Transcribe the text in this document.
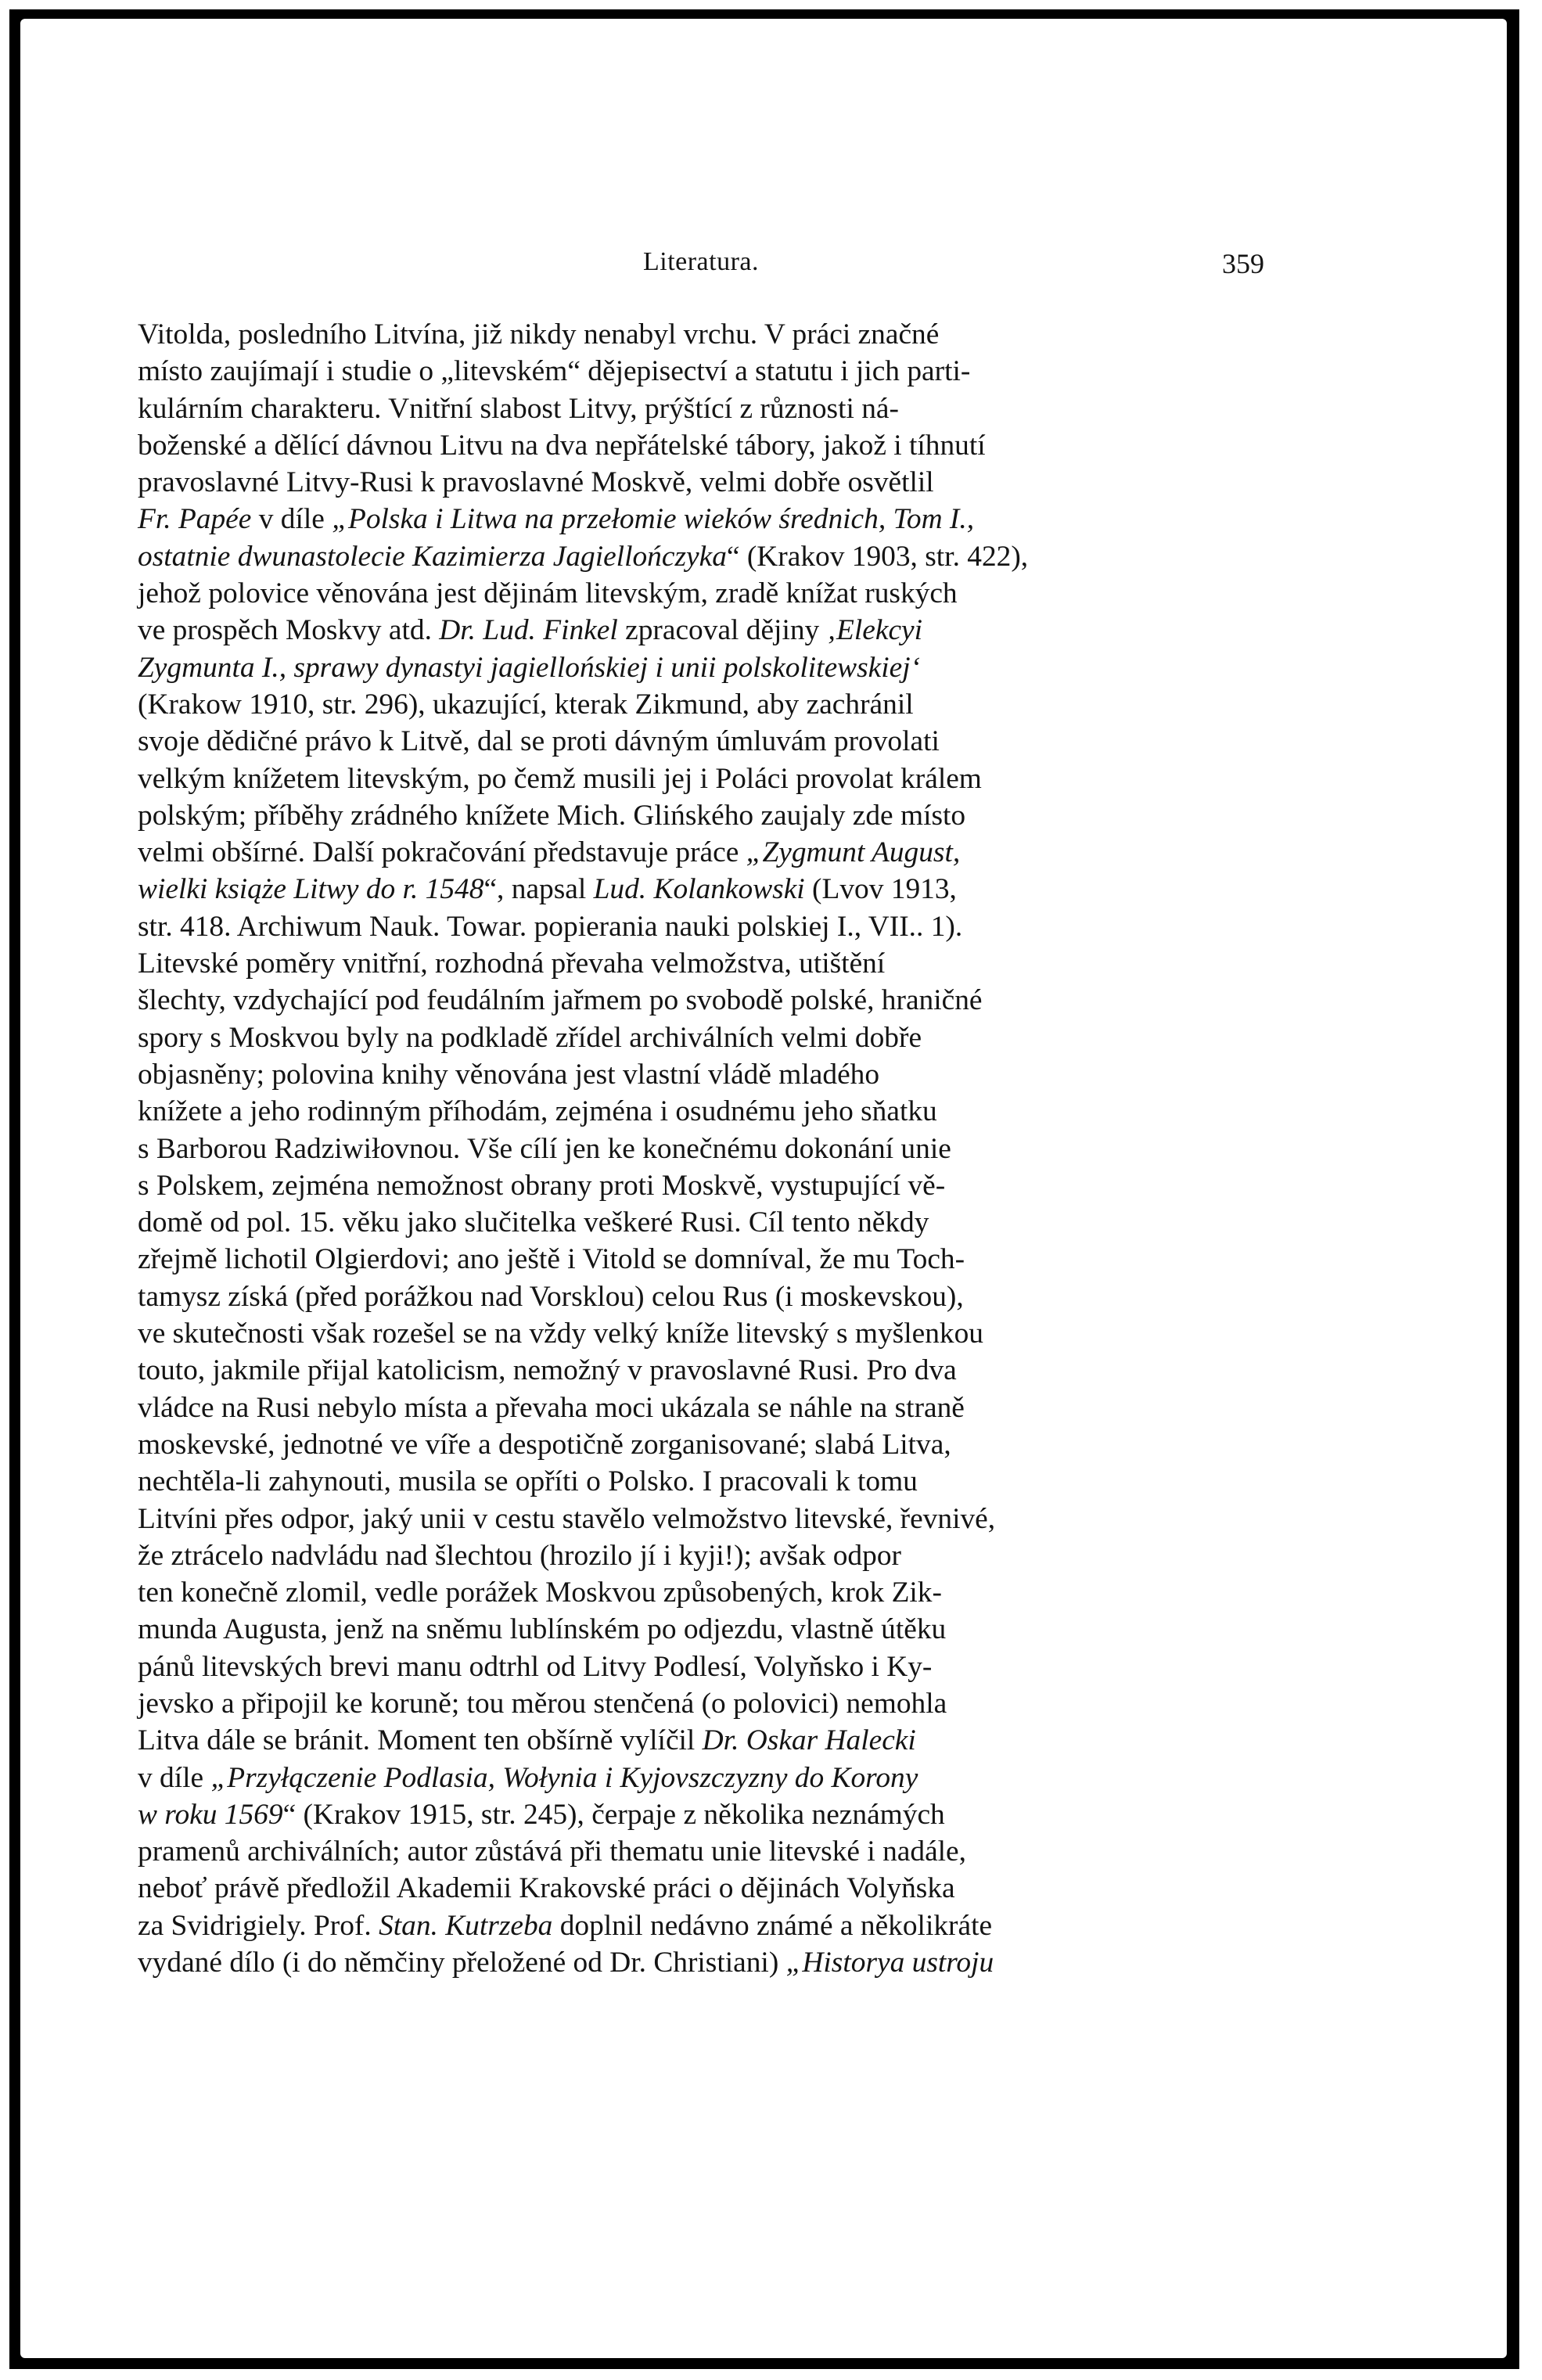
Literatura.	359
Vitolda, posledního Litvína, již nikdy nenabyl vrchu. V práci značné
místo zaujímají i studie o „litevském“ dějepisectví a statutu i jich parti-
kulárním charakteru. Vnitřní slabost Litvy, prýštící z různosti ná-
boženské a dělící dávnou Litvu na dva nepřátelské tábory, jakož i tíhnutí
pravoslavné Litvy-Rusi k pravoslavné Moskvě, velmi dobře osvětlil
Fr. Papée v díle „Polska i Litwa na przełomie wieków średnich, Tom I.,
ostatnie dwunastolecie Kazimierza Jagiellończyka“ (Krakov 1903, str. 422),
jehož polovice věnována jest dějinám litevským, zradě knížat ruských
ve prospěch Moskvy atd. Dr. Lud. Finkel zpracoval dějiny ‚Elekcyi
Zygmunta I., sprawy dynastyi jagiellońskiej i unii polskolitewskiej‘
(Krakow 1910, str. 296), ukazující, kterak Zikmund, aby zachránil
svoje dědičné právo k Litvě, dal se proti dávným úmluvám provolati
velkým knížetem litevským, po čemž musili jej i Poláci provolat králem
polským; příběhy zrádného knížete Mich. Glińského zaujaly zde místo
velmi obšírné. Další pokračování představuje práce „Zygmunt August,
wielki książe Litwy do r. 1548“, napsal Lud. Kolankowski (Lvov 1913,
str. 418. Archiwum Nauk. Towar. popierania nauki polskiej I., VII.. 1).
Litevské poměry vnitřní, rozhodná převaha velmožstva, utištění
šlechty, vzdychající pod feudálním jařmem po svobodě polské, hraničné
spory s Moskvou byly na podkladě zřídel archiválních velmi dobře
objasněny; polovina knihy věnována jest vlastní vládě mladého
knížete a jeho rodinným příhodám, zejména i osudnému jeho sňatku
s Barborou Radziwiłovnou. Vše cílí jen ke konečnému dokonání unie
s Polskem, zejména nemožnost obrany proti Moskvě, vystupující vě-
domě od pol. 15. věku jako slučitelka veškeré Rusi. Cíl tento někdy
zřejmě lichotil Olgierdovi; ano ještě i Vitold se domníval, že mu Toch-
tamysz získá (před porážkou nad Vorsklou) celou Rus (i moskevskou),
ve skutečnosti však rozešel se na vždy velký kníže litevský s myšlenkou
touto, jakmile přijal katolicism, nemožný v pravoslavné Rusi. Pro dva
vládce na Rusi nebylo místa a převaha moci ukázala se náhle na straně
moskevské, jednotné ve víře a despotičně zorganisované; slabá Litva,
nechtěla-li zahynouti, musila se opříti o Polsko. I pracovali k tomu
Litvíni přes odpor, jaký unii v cestu stavělo velmožstvo litevské, řevnivé,
že ztrácelo nadvládu nad šlechtou (hrozilo jí i kyji!); avšak odpor
ten konečně zlomil, vedle porážek Moskvou způsobených, krok Zik-
munda Augusta, jenž na sněmu lublínském po odjezdu, vlastně útěku
pánů litevských brevi manu odtrhl od Litvy Podlesí, Volyňsko i Ky-
jevsko a připojil ke koruně; tou měrou stenčená (o polovici) nemohla
Litva dále se bránit. Moment ten obšírně vylíčil Dr. Oskar Halecki
v díle „Przyłączenie Podlasia, Wołynia i Kyjovszczyzny do Korony
w roku 1569“ (Krakov 1915, str. 245), čerpaje z několika neznámých
pramenů archiválních; autor zůstává při thematu unie litevské i nadále,
neboť právě předložil Akademii Krakovské práci o dějinách Volyňska
za Svidrigiely. Prof. Stan. Kutrzeba doplnil nedávno známé a několikráte
vydané dílo (i do němčiny přeložené od Dr. Christiani) „Historya ustroju
